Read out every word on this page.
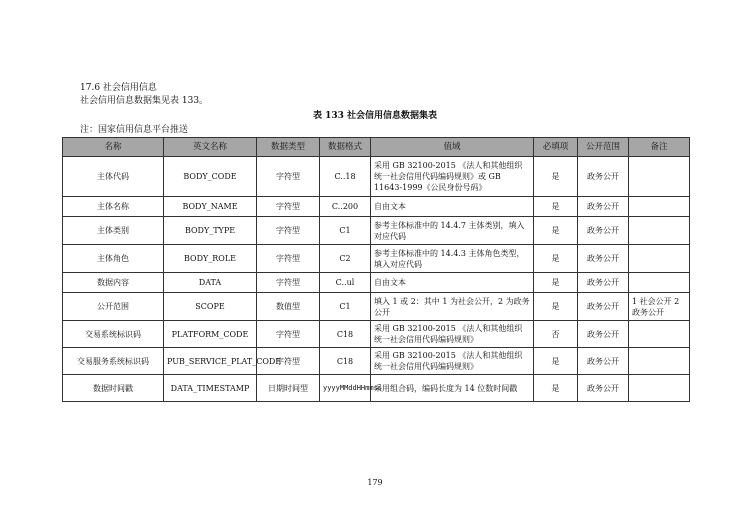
17.6 社会信用信息
社会信用信息数据集见表 133。
表 133 社会信用信息数据集表
注：国家信用信息平台推送
名称	英文名称	数据类型	数据格式	值域	必填项	公开范围	备注
主体代码	BODY_CODE	字符型	C..18	采用 GB 32100-2015 《法人和其他组织统一社会信用代码编码规则》或 GB 11643-1999《公民身份号码》	是	政务公开	
主体名称	BODY_NAME	字符型	C..200	自由文本	是	政务公开	
主体类别	BODY_TYPE	字符型	C1	参考主体标准中的 14.4.7 主体类别，填入对应代码	是	政务公开	
主体角色	BODY_ROLE	字符型	C2	参考主体标准中的 14.4.3 主体角色类型，填入对应代码	是	政务公开	
数据内容	DATA	字符型	C..ul	自由文本	是	政务公开	
公开范围	SCOPE	数值型	C1	填入 1 或 2：其中 1 为社会公开，2 为政务公开	是	政务公开	1 社会公开 2 政务公开
交易系统标识码	PLATFORM_CODE	字符型	C18	采用 GB 32100-2015 《法人和其他组织统一社会信用代码编码规则》	否	政务公开	
交易服务系统标识码	PUB_SERVICE_PLAT_CODE	字符型	C18	采用 GB 32100-2015 《法人和其他组织统一社会信用代码编码规则》	是	政务公开	
数据时间戳	DATA_TIMESTAMP	日期时间型	yyyyMMddHHmmss	采用组合码，编码长度为 14 位数时间戳	是	政务公开	
179
